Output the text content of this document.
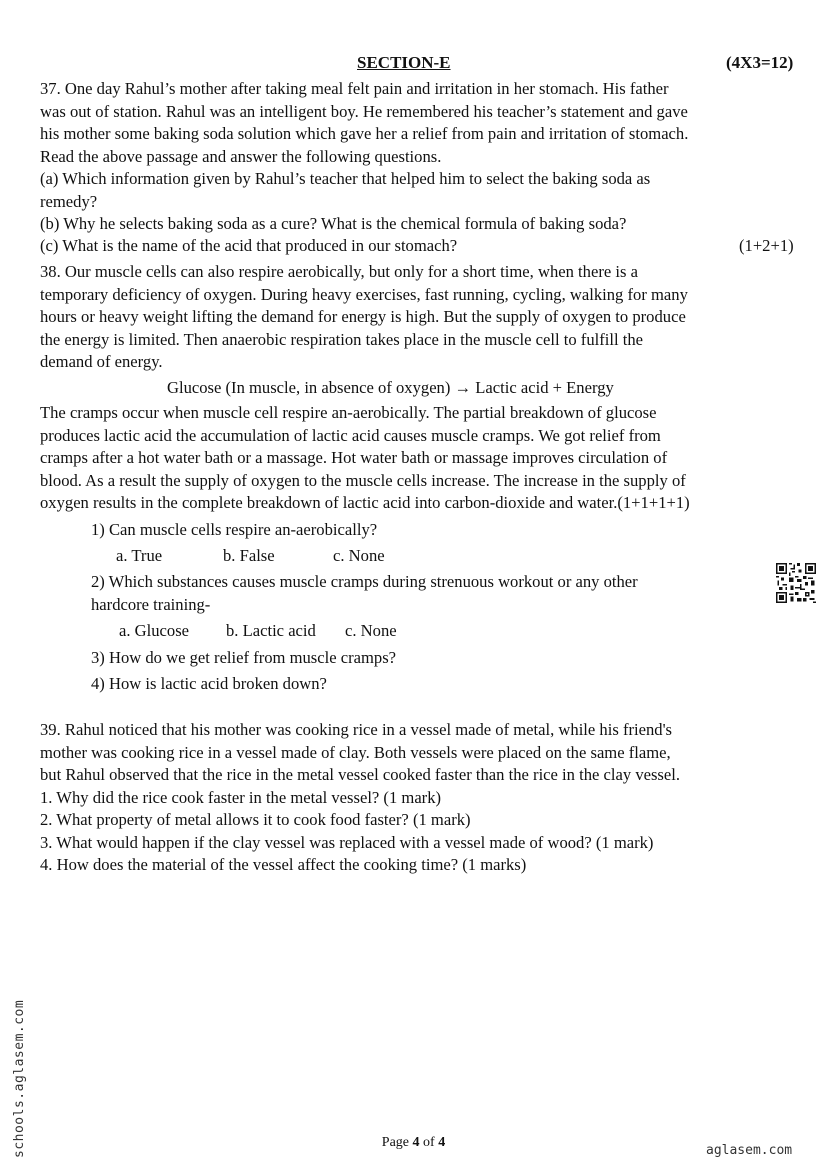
SECTION-E	(4X3=12)
37. One day Rahul’s mother after taking meal felt pain and irritation in her stomach. His father
was out of station. Rahul was an intelligent boy. He remembered his teacher’s statement and gave
his mother some baking soda solution which gave her a relief from pain and irritation of stomach.
Read the above passage and answer the following questions.
(a) Which information given by Rahul’s teacher that helped him to select the baking soda as
remedy?
(b) Why he selects baking soda as a cure? What is the chemical formula of baking soda?
(c) What is the name of the acid that produced in our stomach?	(1+2+1)
38. Our muscle cells can also respire aerobically, but only for a short time, when there is a
temporary deficiency of oxygen. During heavy exercises, fast running, cycling, walking for many
hours or heavy weight lifting the demand for energy is high. But the supply of oxygen to produce
the energy is limited. Then anaerobic respiration takes place in the muscle cell to fulfill the
demand of energy.
Glucose (In muscle, in absence of oxygen) → Lactic acid + Energy
The cramps occur when muscle cell respire an-aerobically. The partial breakdown of glucose
produces lactic acid the accumulation of lactic acid causes muscle cramps. We got relief from
cramps after a hot water bath or a massage. Hot water bath or massage improves circulation of
blood. As a result the supply of oxygen to the muscle cells increase. The increase in the supply of
oxygen results in the complete breakdown of lactic acid into carbon-dioxide and water.(1+1+1+1)
1) Can muscle cells respire an-aerobically?
a. True	b. False	c. None
2) Which substances causes muscle cramps during strenuous workout or any other
hardcore training-
a. Glucose b. Lactic acid c. None
3) How do we get relief from muscle cramps?
4) How is lactic acid broken down?
39. Rahul noticed that his mother was cooking rice in a vessel made of metal, while his friend's
mother was cooking rice in a vessel made of clay. Both vessels were placed on the same flame,
but Rahul observed that the rice in the metal vessel cooked faster than the rice in the clay vessel.
1. Why did the rice cook faster in the metal vessel? (1 mark)
2. What property of metal allows it to cook food faster? (1 mark)
3. What would happen if the clay vessel was replaced with a vessel made of wood? (1 mark)
4. How does the material of the vessel affect the cooking time? (1 marks)
schools.aglasem.com	Page 4 of 4
aglasem.com
